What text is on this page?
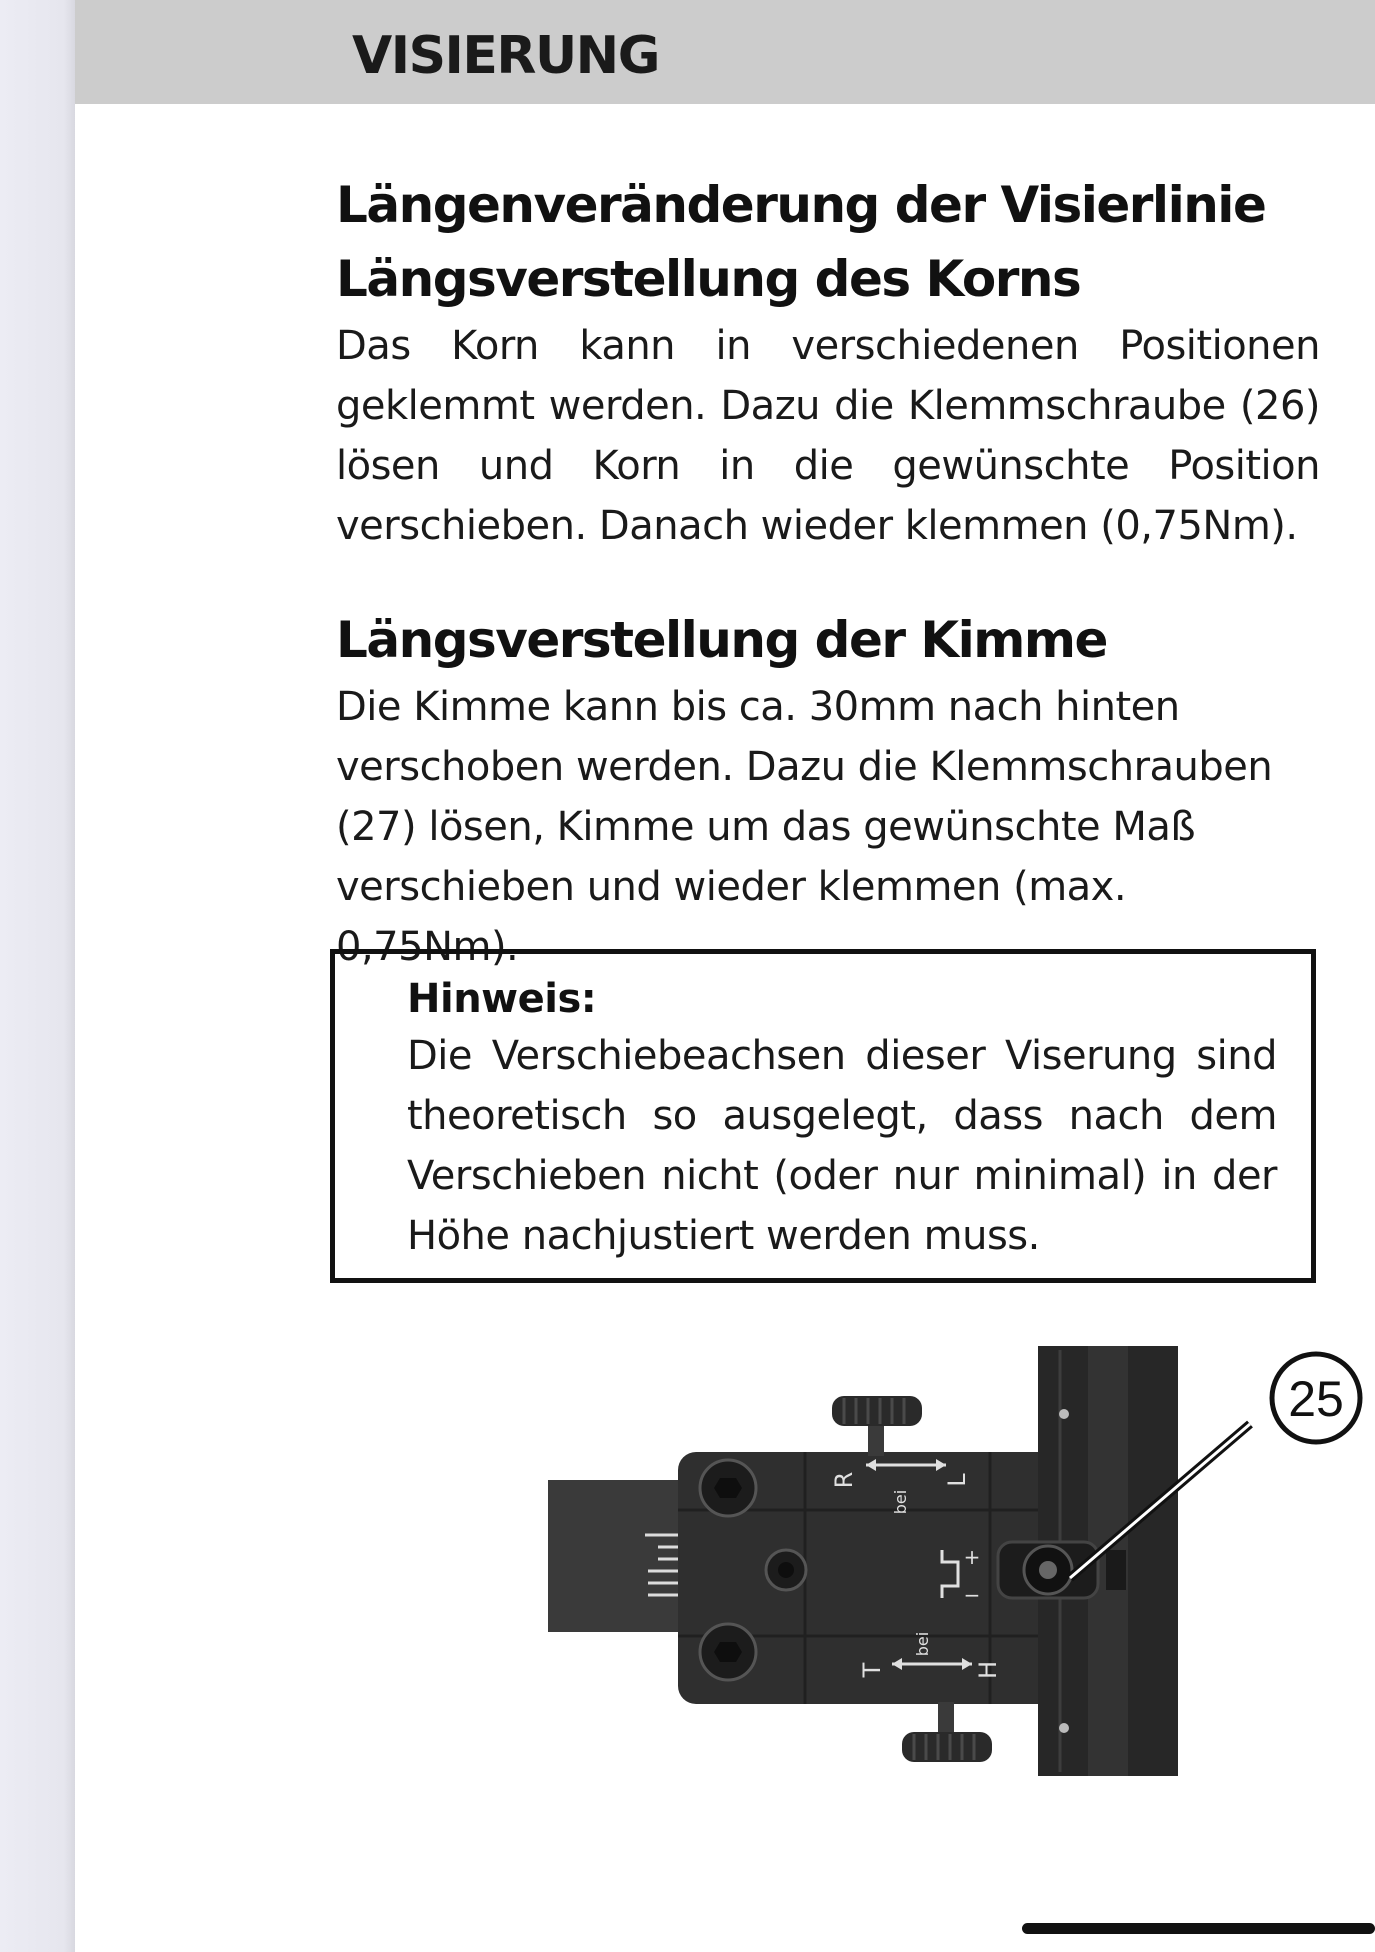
VISIERUNG
Längenveränderung der Visierlinie
Längsverstellung des Korns

Das Korn kann in verschiedenen Positionen geklemmt werden. Dazu die Klemmschraube (26) lösen und Korn in die gewünschte Position verschieben. Danach wieder klemmen (0,75Nm).

Längsverstellung der Kimme

Die Kimme kann bis ca. 30mm nach hinten verschoben werden. Dazu die Klemmschrauben (27) lösen, Kimme um das gewünschte Maß verschieben und wieder klemmen (max. 0,75Nm).

Hinweis:

Die Verschiebeachsen dieser Viserung sind theoretisch so ausgelegt, dass nach dem Verschieben nicht (oder nur minimal) in der Höhe nachjustiert werden muss.

R
bei
L
T
bei
H
+
−
25
